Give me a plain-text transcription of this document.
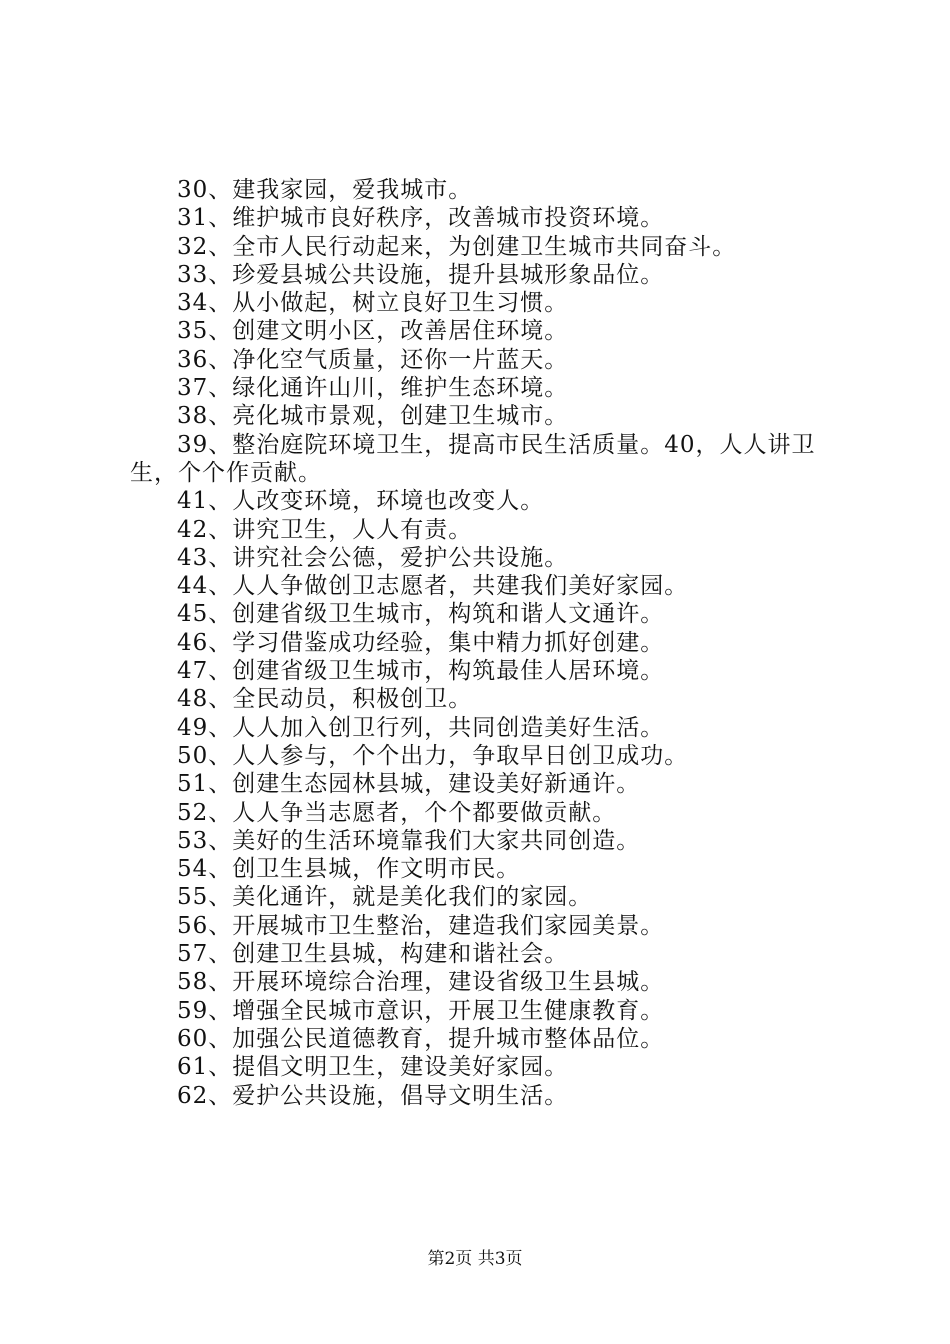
30、建我家园，爱我城市。
31、维护城市良好秩序，改善城市投资环境。
32、全市人民行动起来，为创建卫生城市共同奋斗。
33、珍爱县城公共设施，提升县城形象品位。
34、从小做起，树立良好卫生习惯。
35、创建文明小区，改善居住环境。
36、净化空气质量，还你一片蓝天。
37、绿化通许山川，维护生态环境。
38、亮化城市景观，创建卫生城市。
39、整治庭院环境卫生，提高市民生活质量。40，人人讲卫生，个个作贡献。
41、人改变环境，环境也改变人。
42、讲究卫生，人人有责。
43、讲究社会公德，爱护公共设施。
44、人人争做创卫志愿者，共建我们美好家园。
45、创建省级卫生城市，构筑和谐人文通许。
46、学习借鉴成功经验，集中精力抓好创建。
47、创建省级卫生城市，构筑最佳人居环境。
48、全民动员，积极创卫。
49、人人加入创卫行列，共同创造美好生活。
50、人人参与，个个出力，争取早日创卫成功。
51、创建生态园林县城，建设美好新通许。
52、人人争当志愿者，个个都要做贡献。
53、美好的生活环境靠我们大家共同创造。
54、创卫生县城，作文明市民。
55、美化通许，就是美化我们的家园。
56、开展城市卫生整治，建造我们家园美景。
57、创建卫生县城，构建和谐社会。
58、开展环境综合治理，建设省级卫生县城。
59、增强全民城市意识，开展卫生健康教育。
60、加强公民道德教育，提升城市整体品位。
61、提倡文明卫生，建设美好家园。
62、爱护公共设施，倡导文明生活。
第2页 共3页
